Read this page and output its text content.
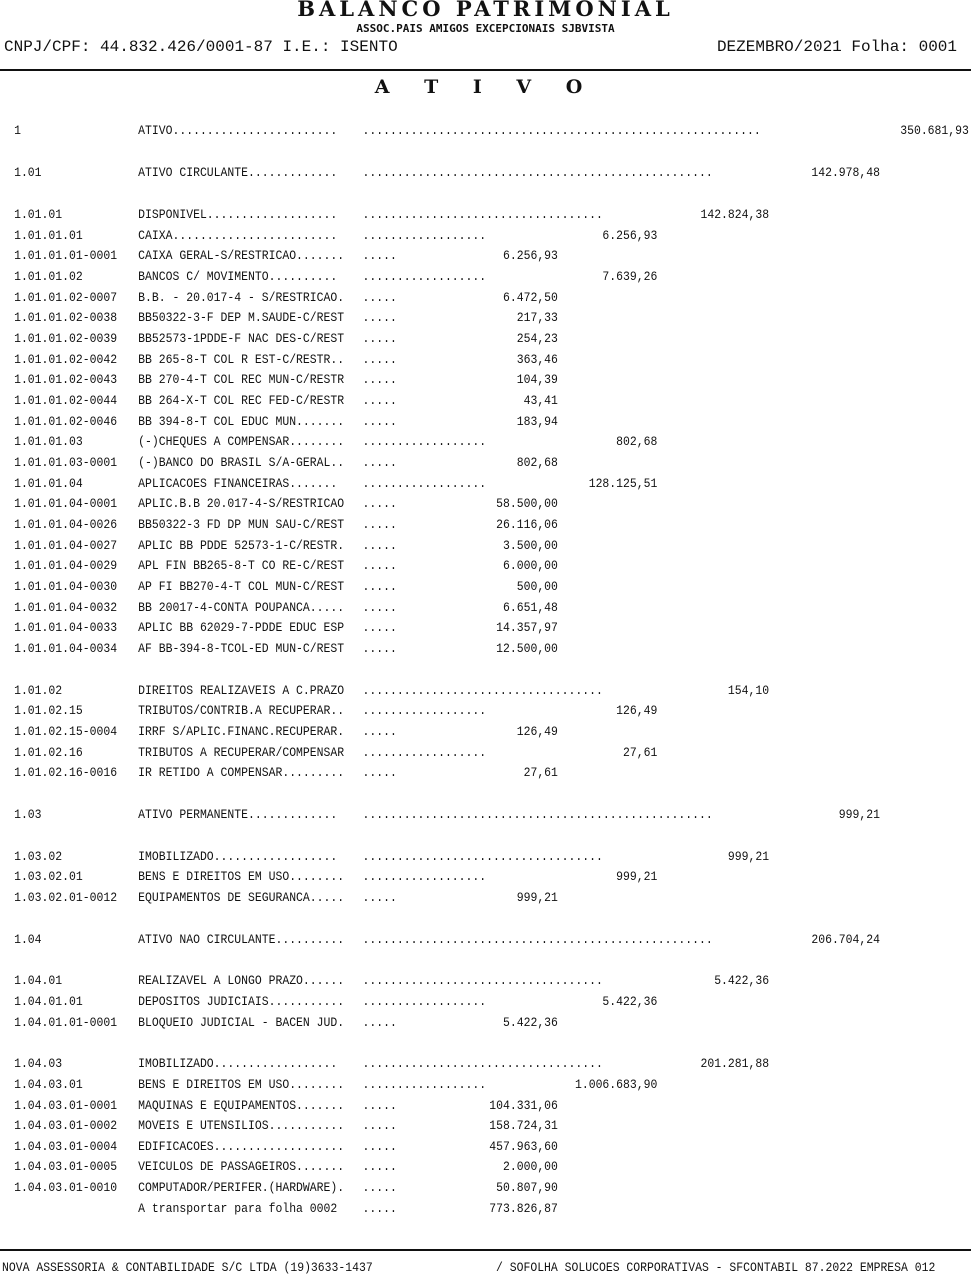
BALANCO PATRIMONIAL
ASSOC.PAIS AMIGOS EXCEPCIONAIS SJBVISTA
CNPJ/CPF: 44.832.426/0001-87 I.E.: ISENTO	DEZEMBRO/2021 Folha: 0001
A T I V O
1	ATIVO........................ ..........................................................	350.681,93
1.01	ATIVO CIRCULANTE............. ...................................................	142.978,48
1.01.01	DISPONIVEL................... ...................................	142.824,38
1.01.01.01	CAIXA........................ ..................	6.256,93
1.01.01.01-0001 CAIXA GERAL-S/RESTRICAO....... .....	6.256,93
1.01.01.02	BANCOS C/ MOVIMENTO.......... ..................	7.639,26
1.01.01.02-0007 B.B. - 20.017-4 - S/RESTRICAO. .....	6.472,50
1.01.01.02-0038 BB50322-3-F DEP M.SAUDE-C/REST .....	217,33
1.01.01.02-0039 BB52573-1PDDE-F NAC DES-C/REST .....	254,23
1.01.01.02-0042 BB 265-8-T COL R EST-C/RESTR.. .....	363,46
1.01.01.02-0043 BB 270-4-T COL REC MUN-C/RESTR .....	104,39
1.01.01.02-0044 BB 264-X-T COL REC FED-C/RESTR .....	43,41
1.01.01.02-0046 BB 394-8-T COL EDUC MUN....... .....	183,94
1.01.01.03	(-)CHEQUES A COMPENSAR........ ..................	802,68
1.01.01.03-0001 (-)BANCO DO BRASIL S/A-GERAL.. .....	802,68
1.01.01.04	APLICACOES FINANCEIRAS....... ..................	128.125,51
1.01.01.04-0001 APLIC.B.B 20.017-4-S/RESTRICAO .....	58.500,00
1.01.01.04-0026 BB50322-3 FD DP MUN SAU-C/REST .....	26.116,06
1.01.01.04-0027 APLIC BB PDDE 52573-1-C/RESTR. .....	3.500,00
1.01.01.04-0029 APL FIN BB265-8-T CO RE-C/REST .....	6.000,00
1.01.01.04-0030 AP FI BB270-4-T COL MUN-C/REST .....	500,00
1.01.01.04-0032 BB 20017-4-CONTA POUPANCA..... .....	6.651,48
1.01.01.04-0033 APLIC BB 62029-7-PDDE EDUC ESP .....	14.357,97
1.01.01.04-0034 AF BB-394-8-TCOL-ED MUN-C/REST .....	12.500,00
1.01.02	DIREITOS REALIZAVEIS A C.PRAZO ...................................	154,10
1.01.02.15	TRIBUTOS/CONTRIB.A RECUPERAR.. ..................	126,49
1.01.02.15-0004 IRRF S/APLIC.FINANC.RECUPERAR. .....	126,49
1.01.02.16	TRIBUTOS A RECUPERAR/COMPENSAR ..................	27,61
1.01.02.16-0016 IR RETIDO A COMPENSAR......... .....	27,61
1.03	ATIVO PERMANENTE............. ...................................................	999,21
1.03.02	IMOBILIZADO.................. ...................................	999,21
1.03.02.01	BENS E DIREITOS EM USO........ ..................	999,21
1.03.02.01-0012 EQUIPAMENTOS DE SEGURANCA..... .....	999,21
1.04	ATIVO NAO CIRCULANTE.......... ...................................................	206.704,24
1.04.01	REALIZAVEL A LONGO PRAZO...... ...................................	5.422,36
1.04.01.01	DEPOSITOS JUDICIAIS........... ..................	5.422,36
1.04.01.01-0001 BLOQUEIO JUDICIAL - BACEN JUD. .....	5.422,36
1.04.03	IMOBILIZADO.................. ...................................	201.281,88
1.04.03.01	BENS E DIREITOS EM USO........ ..................	1.006.683,90
1.04.03.01-0001 MAQUINAS E EQUIPAMENTOS....... .....	104.331,06
1.04.03.01-0002 MOVEIS E UTENSILIOS........... .....	158.724,31
1.04.03.01-0004 EDIFICACOES................... .....	457.963,60
1.04.03.01-0005 VEICULOS DE PASSAGEIROS....... .....	2.000,00
1.04.03.01-0010 COMPUTADOR/PERIFER.(HARDWARE). .....	50.807,90
A transportar para folha 0002 .....	773.826,87
NOVA ASSESSORIA & CONTABILIDADE S/C LTDA (19)3633-1437	/ SOFOLHA SOLUCOES CORPORATIVAS - SFCONTABIL 87.2022 EMPRESA 012
